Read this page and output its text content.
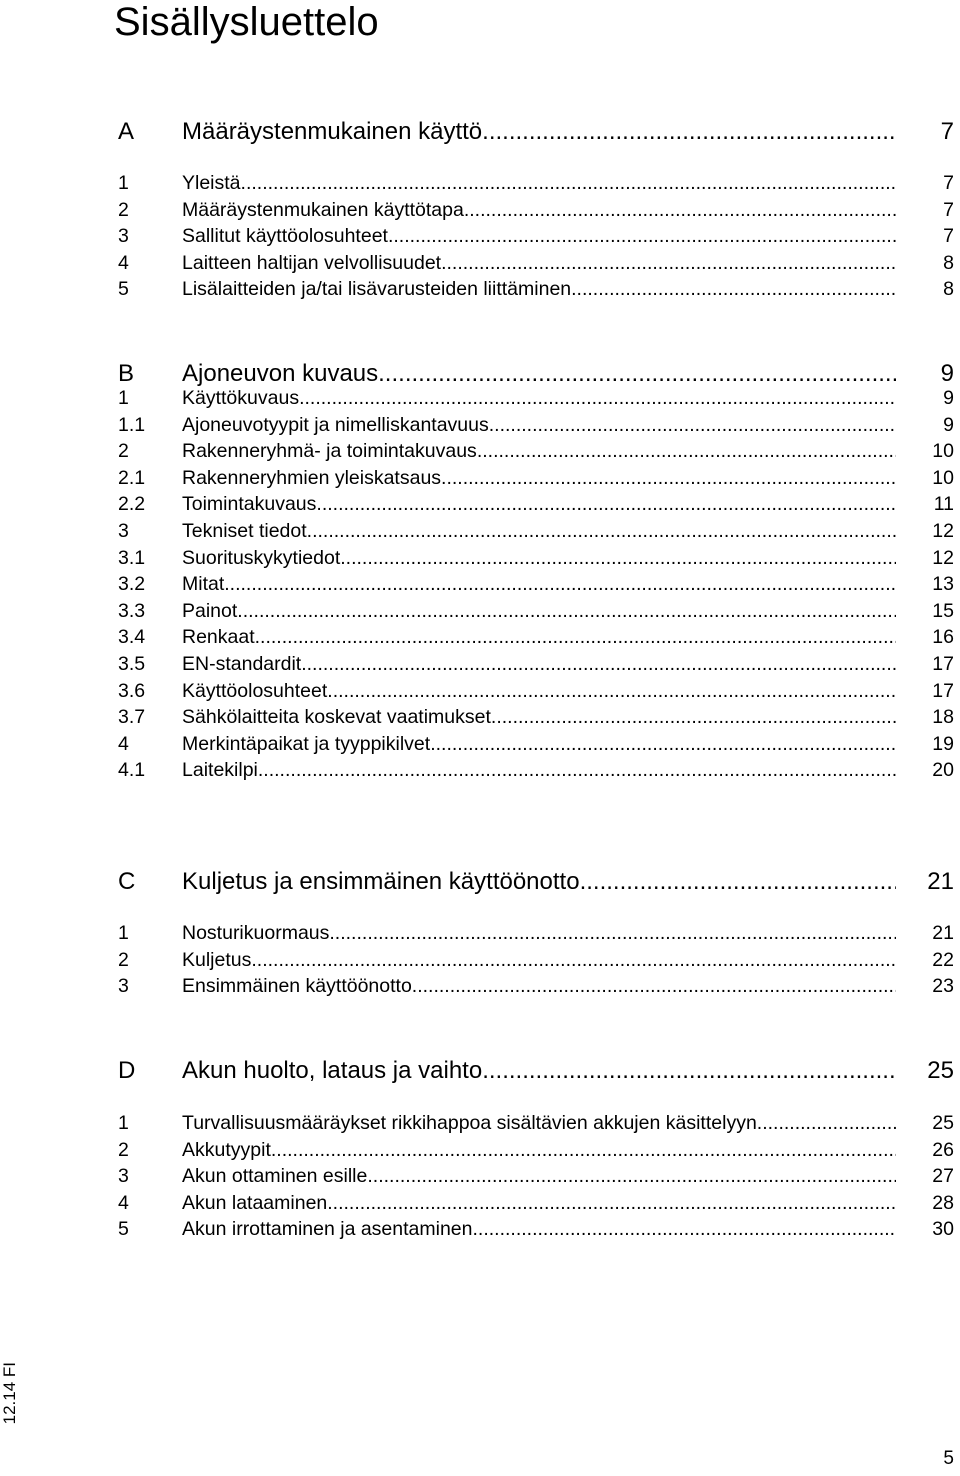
Sisällysluettelo
A	Määräystenmukainen käyttö .....	7
1	Yleistä .....	7
2	Määräystenmukainen käyttötapa .....	7
3	Sallitut käyttöolosuhteet .....	7
4	Laitteen haltijan velvollisuudet .....	8
5	Lisälaitteiden ja/tai lisävarusteiden liittäminen .....	8
B	Ajoneuvon kuvaus .....	9
1	Käyttökuvaus .....	9
1.1	Ajoneuvotyypit ja nimelliskantavuus .....	9
2	Rakenneryhmä- ja toimintakuvaus .....	10
2.1	Rakenneryhmien yleiskatsaus .....	10
2.2	Toimintakuvaus .....	11
3	Tekniset tiedot .....	12
3.1	Suorituskykytiedot .....	12
3.2	Mitat .....	13
3.3	Painot .....	15
3.4	Renkaat .....	16
3.5	EN-standardit .....	17
3.6	Käyttöolosuhteet .....	17
3.7	Sähkölaitteita koskevat vaatimukset .....	18
4	Merkintäpaikat ja tyyppikilvet .....	19
4.1	Laitekilpi .....	20
C	Kuljetus ja ensimmäinen käyttöönotto .....	21
1	Nosturikuormaus .....	21
2	Kuljetus .....	22
3	Ensimmäinen käyttöönotto .....	23
D	Akun huolto, lataus ja vaihto .....	25
1	Turvallisuusmääräykset rikkihappoa sisältävien akkujen käsittelyyn .....	25
2	Akkutyypit .....	26
3	Akun ottaminen esille .....	27
4	Akun lataaminen .....	28
5	Akun irrottaminen ja asentaminen .....	30
12.14 FI
5
